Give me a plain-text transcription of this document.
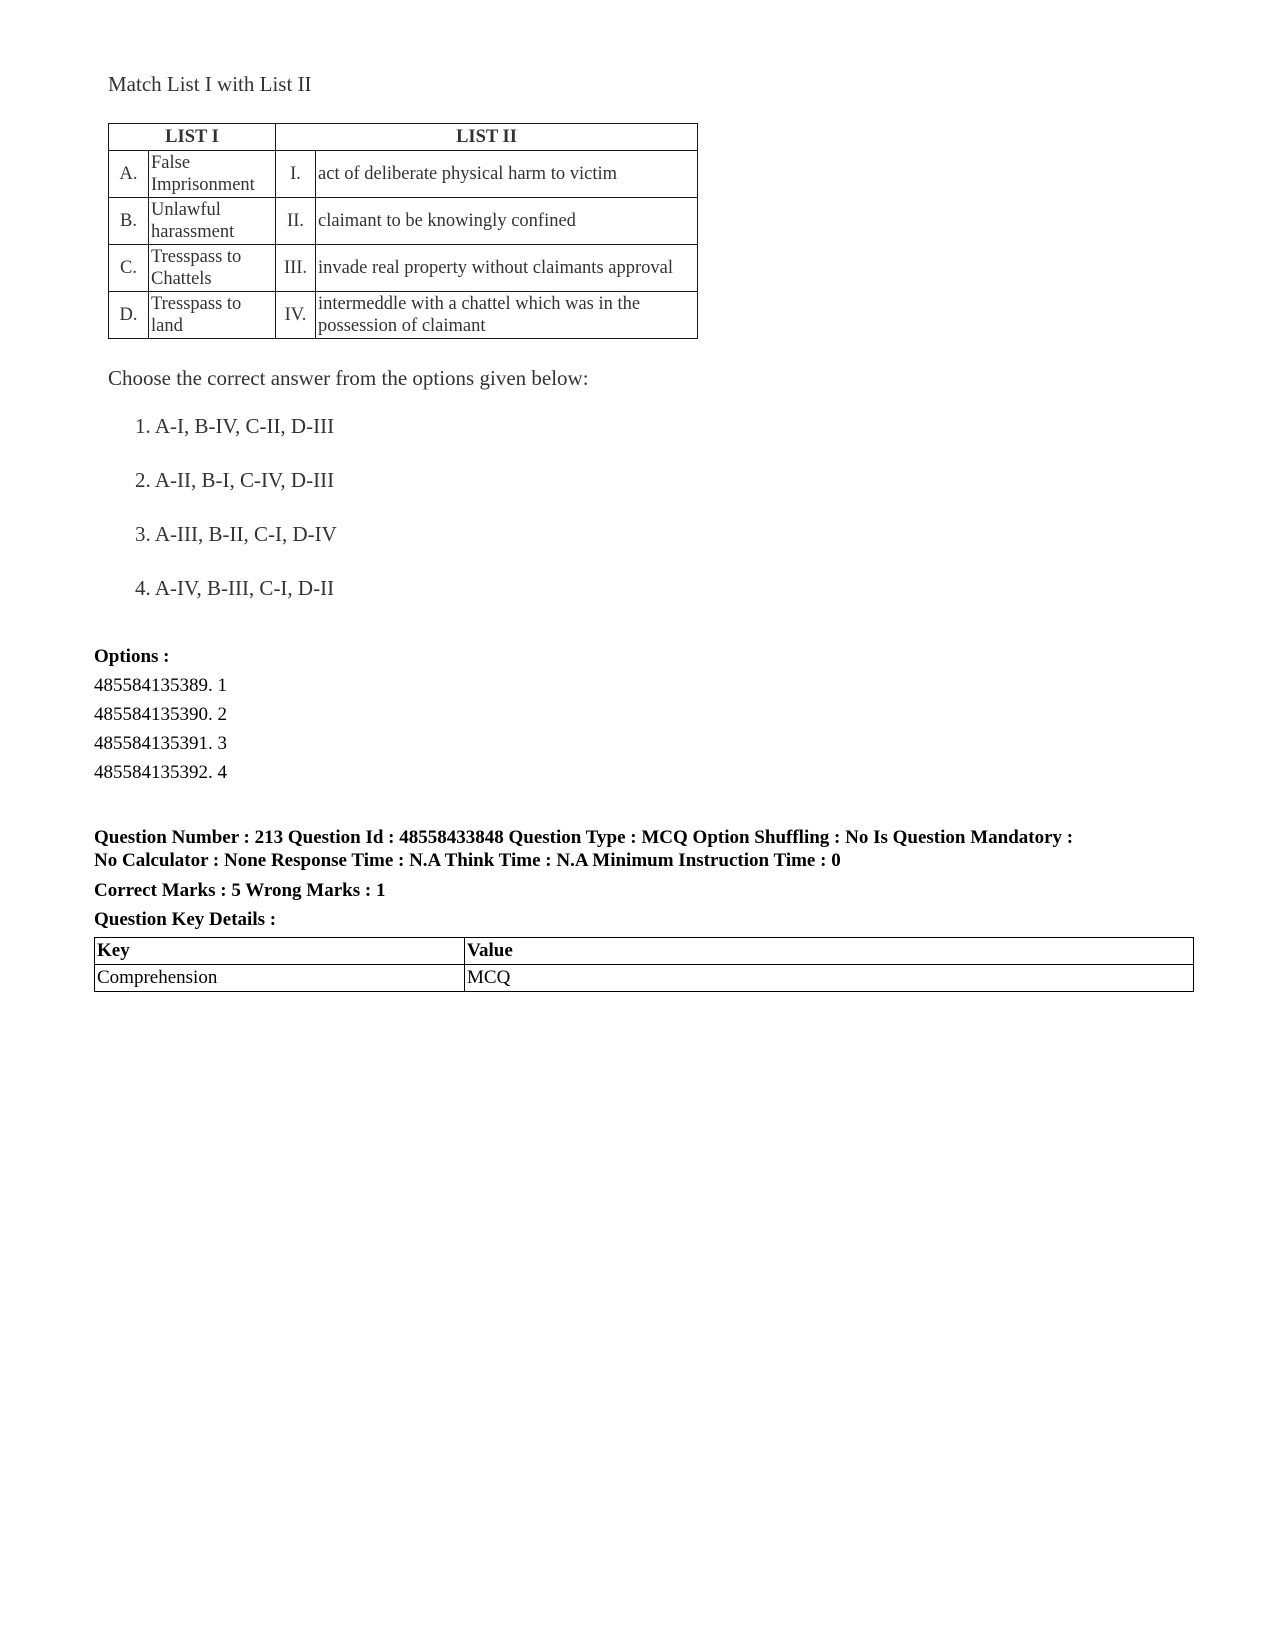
Match List I with List II

LIST I		LIST II	
A.	False Imprisonment	I.	act of deliberate physical harm to victim
B.	Unlawful harassment	II.	claimant to be knowingly confined
C.	Tresspass to Chattels	III.	invade real property without claimants approval
D.	Tresspass to land	IV.	intermeddle with a chattel which was in the possession of claimant

Choose the correct answer from the options given below:

1. A-I, B-IV, C-II, D-III
2. A-II, B-I, C-IV, D-III
3. A-III, B-II, C-I, D-IV
4. A-IV, B-III, C-I, D-II
Options :
485584135389. 1
485584135390. 2
485584135391. 3
485584135392. 4
Question Number : 213 Question Id : 48558433848 Question Type : MCQ Option Shuffling : No Is Question Mandatory :
No Calculator : None Response Time : N.A Think Time : N.A Minimum Instruction Time : 0
Correct Marks : 5 Wrong Marks : 1
Question Key Details :
Key	Value
Comprehension	MCQ
